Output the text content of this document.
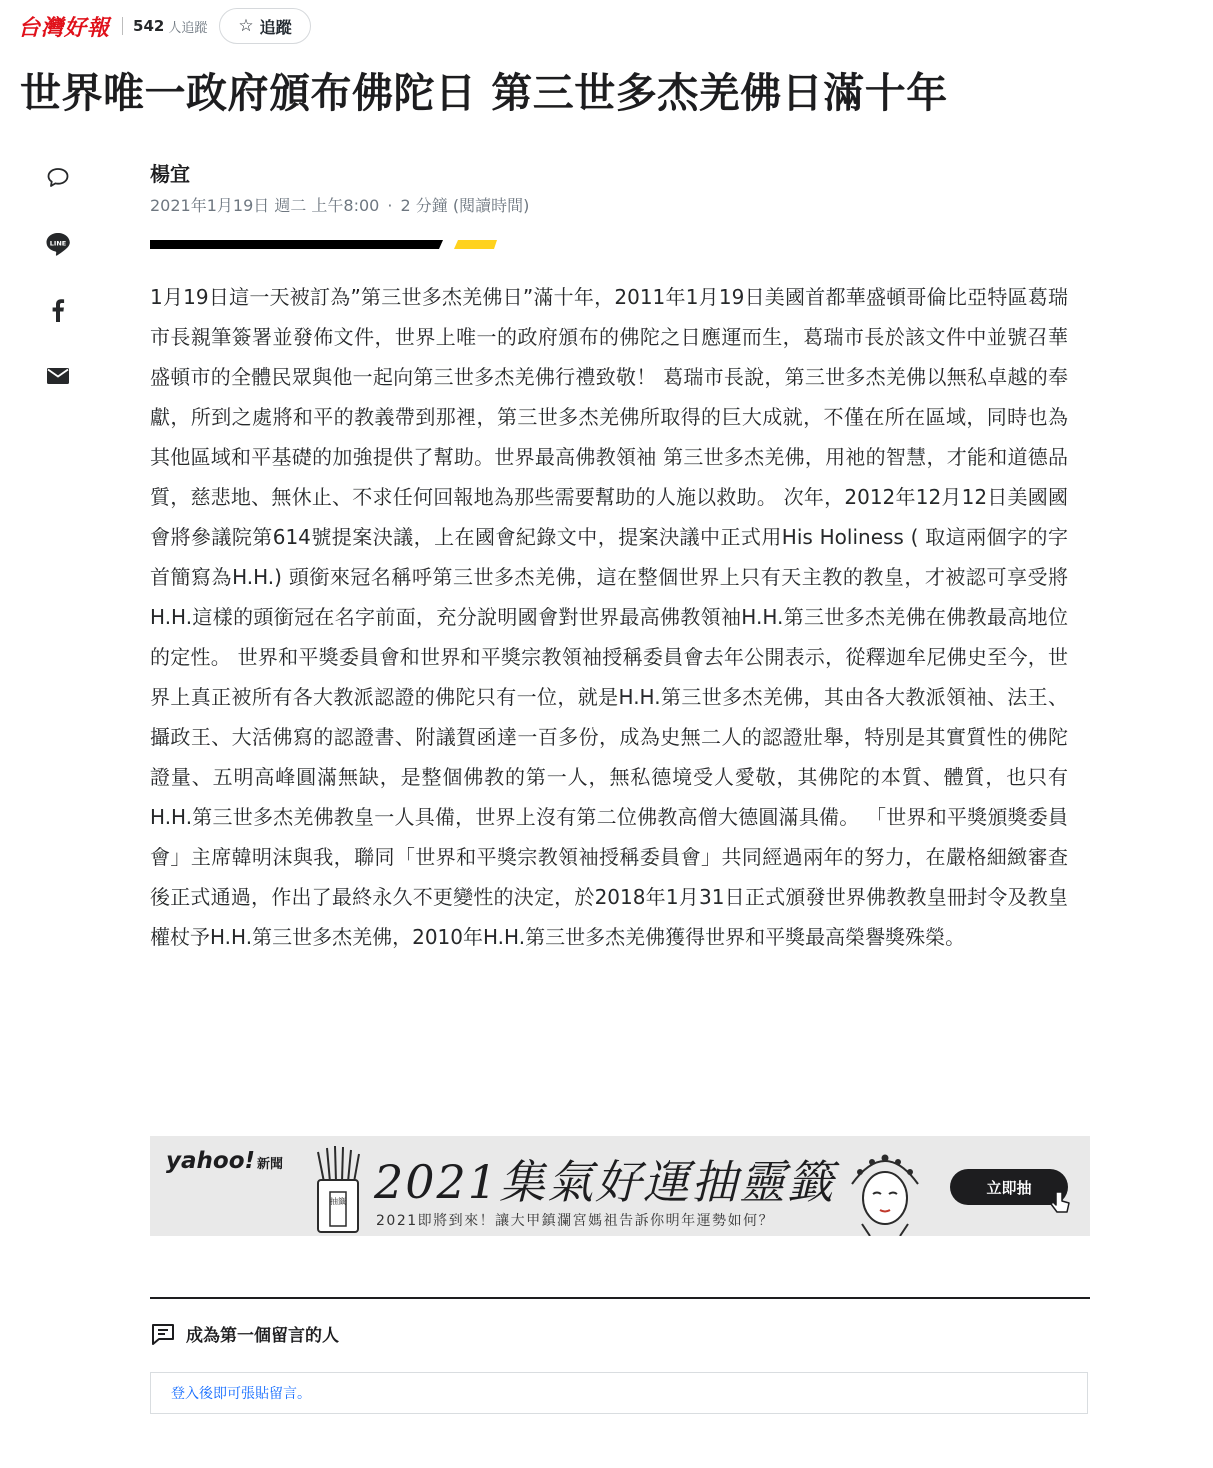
台灣好報 542 人追蹤 ☆ 追蹤
世界唯一政府頒布佛陀日 第三世多杰羌佛日滿十年
LINE
楊宜
2021年1月19日 週二 上午8:00 · 2 分鐘 (閱讀時間)

1月19日這一天被訂為”第三世多杰羌佛日”滿十年，2011年1月19日美國首都華盛頓哥倫比亞特區葛瑞市長親筆簽署並發佈文件，世界上唯一的政府頒布的佛陀之日應運而生，葛瑞市長於該文件中並號召華盛頓市的全體民眾與他一起向第三世多杰羌佛行禮致敬！ 葛瑞市長說，第三世多杰羌佛以無私卓越的奉獻，所到之處將和平的教義帶到那裡，第三世多杰羌佛所取得的巨大成就，不僅在所在區域，同時也為其他區域和平基礎的加強提供了幫助。世界最高佛教領袖 第三世多杰羌佛，用祂的智慧，才能和道德品質，慈悲地、無休止、不求任何回報地為那些需要幫助的人施以救助。 次年，2012年12月12日美國國會將參議院第614號提案決議，上在國會紀錄文中，提案決議中正式用His Holiness ( 取這兩個字的字首簡寫為H.H.) 頭銜來冠名稱呼第三世多杰羌佛，這在整個世界上只有天主教的教皇，才被認可享受將H.H.這樣的頭銜冠在名字前面，充分說明國會對世界最高佛教領袖H.H.第三世多杰羌佛在佛教最高地位的定性。 世界和平獎委員會和世界和平獎宗教領袖授稱委員會去年公開表示，從釋迦牟尼佛史至今，世界上真正被所有各大教派認證的佛陀只有一位，就是H.H.第三世多杰羌佛，其由各大教派領袖、法王、攝政王、大活佛寫的認證書、附議賀函達一百多份，成為史無二人的認證壯舉，特別是其實質性的佛陀證量、五明高峰圓滿無缺，是整個佛教的第一人，無私德境受人愛敬，其佛陀的本質、體質，也只有H.H.第三世多杰羌佛教皇一人具備，世界上沒有第二位佛教高僧大德圓滿具備。 「世界和平獎頒獎委員會」主席韓明沫與我，聯同「世界和平獎宗教領袖授稱委員會」共同經過兩年的努力，在嚴格細緻審查後正式通過，作出了最終永久不更變性的決定，於2018年1月31日正式頒發世界佛教教皇冊封令及教皇權杖予H.H.第三世多杰羌佛，2010年H.H.第三世多杰羌佛獲得世界和平獎最高榮譽獎殊榮。

yahoo! 新聞
抽籤 2021集氣好運抽靈籤
2021即將到來！讓大甲鎮瀾宮媽祖告訴你明年運勢如何？
立即抽
成為第一個留言的人
登入後即可張貼留言。
